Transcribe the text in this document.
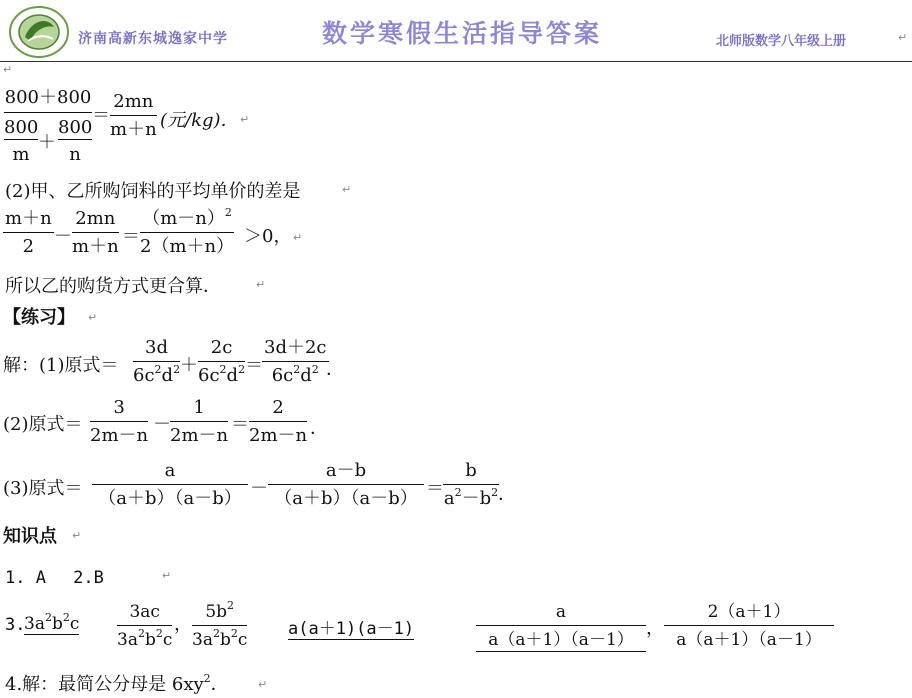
济南高新东城逸家中学	数学寒假生活指导答案	北师版数学八年级上册	↵
↵
800＋800
$\frac{800}{m} + \frac{800}{n}$
＝ $\frac{2mn}{m+n}$ (元/kg)． ↵
(2)甲、乙所购饲料的平均单价的差是	↵
$\frac{m+n}{2} - \frac{2mn}{m+n} = \frac{(m-n)^2}{2(m+n)} >0$， ↵
所以乙的购货方式更合算．	↵
【练习】 ↵
解：(1)原式＝ $\frac{3d}{6c^2d^2} + \frac{2c}{6c^2d^2} = \frac{3d+2c}{6c^2d^2}$
．
(2)原式＝ $\frac{3}{2m-n} - \frac{1}{2m-n} = \frac{2}{2m-n}$ ．
(3)原式＝ $\frac{a}{(a+b)(a-b)} - \frac{a-b}{(a+b)(a-b)} = \frac{b}{a^2-b^2}$ ．
知识点 ↵
1. A　 2.B	↵
3.
$3a^2b^2c \frac{3ac}{3a^2b^2c}$ ， $\frac{5b^2}{3a^2b^2c} a(a+1)(a-1)$	$\frac{a}{a(a+1)(a-1)}$ ， $\frac{2(a+1)}{a(a+1)(a-1)}$
4.解：最简公分母是 $6xy^2$．	↵
